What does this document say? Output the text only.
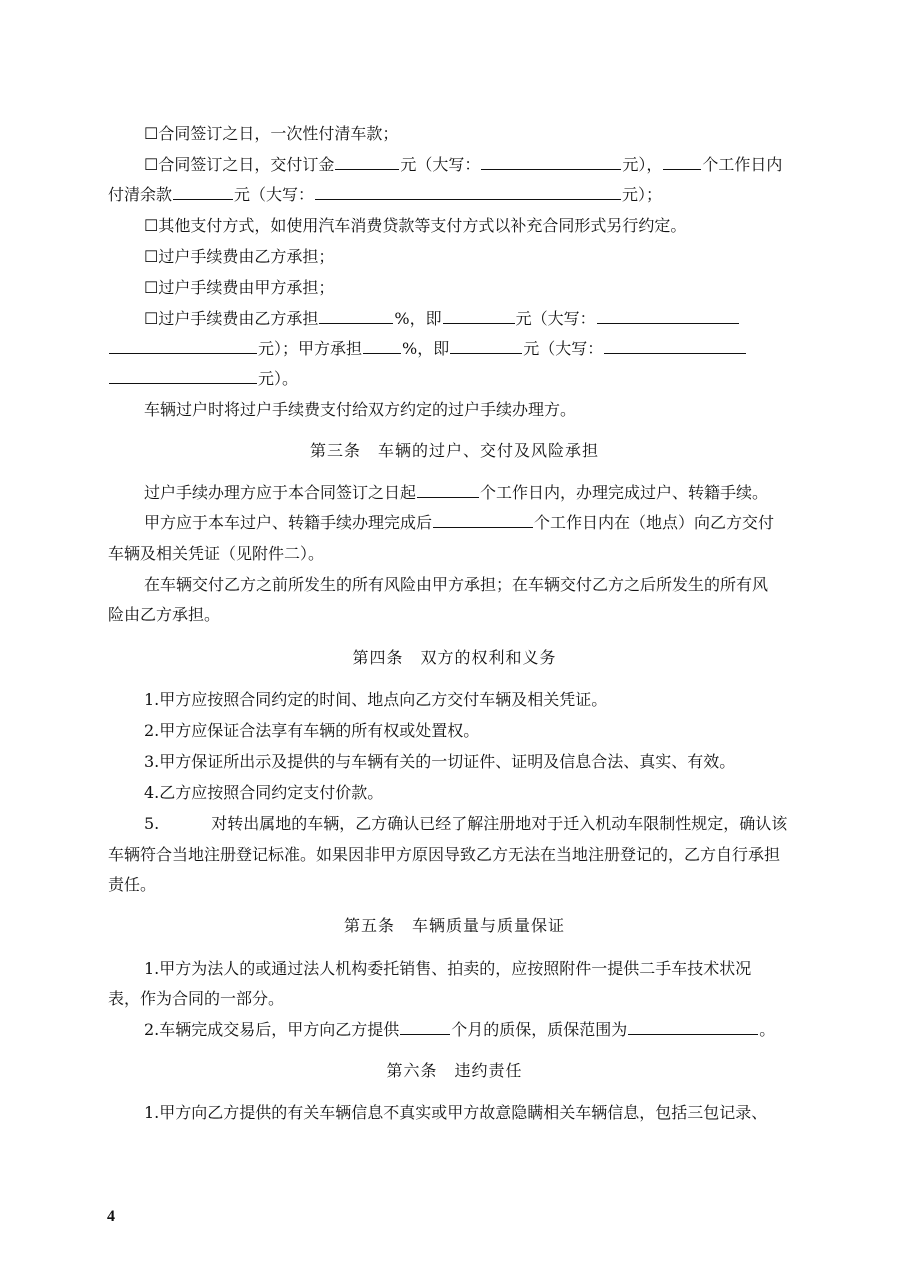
☐合同签订之日，一次性付清车款；
☐合同签订之日，交付订金	元（大写：	元），	个工作日内
付清余款	元（大写：	元）；
☐其他支付方式，如使用汽车消费贷款等支付方式以补充合同形式另行约定。
☐过户手续费由乙方承担；
☐过户手续费由甲方承担；
☐过户手续费由乙方承担	%，即	元（大写：
元）；甲方承担	%，即	元（大写：
元）。
车辆过户时将过户手续费支付给双方约定的过户手续办理方。
第三条　车辆的过户、交付及风险承担
过户手续办理方应于本合同签订之日起	个工作日内，办理完成过户、转籍手续。
甲方应于本车过户、转籍手续办理完成后	个工作日内在（地点）向乙方交付
车辆及相关凭证（见附件二）。
在车辆交付乙方之前所发生的所有风险由甲方承担；在车辆交付乙方之后所发生的所有风
险由乙方承担。
第四条　双方的权利和义务
1.甲方应按照合同约定的时间、地点向乙方交付车辆及相关凭证。
2.甲方应保证合法享有车辆的所有权或处置权。
3.甲方保证所出示及提供的与车辆有关的一切证件、证明及信息合法、真实、有效。
4.乙方应按照合同约定支付价款。
5.	对转出属地的车辆，乙方确认已经了解注册地对于迁入机动车限制性规定，确认该
车辆符合当地注册登记标准。如果因非甲方原因导致乙方无法在当地注册登记的，乙方自行承担
责任。
第五条　车辆质量与质量保证
1.甲方为法人的或通过法人机构委托销售、拍卖的，应按照附件一提供二手车技术状况
表，作为合同的一部分。
2.车辆完成交易后，甲方向乙方提供	个月的质保，质保范围为	。
第六条　违约责任
1.甲方向乙方提供的有关车辆信息不真实或甲方故意隐瞒相关车辆信息，包括三包记录、
4
